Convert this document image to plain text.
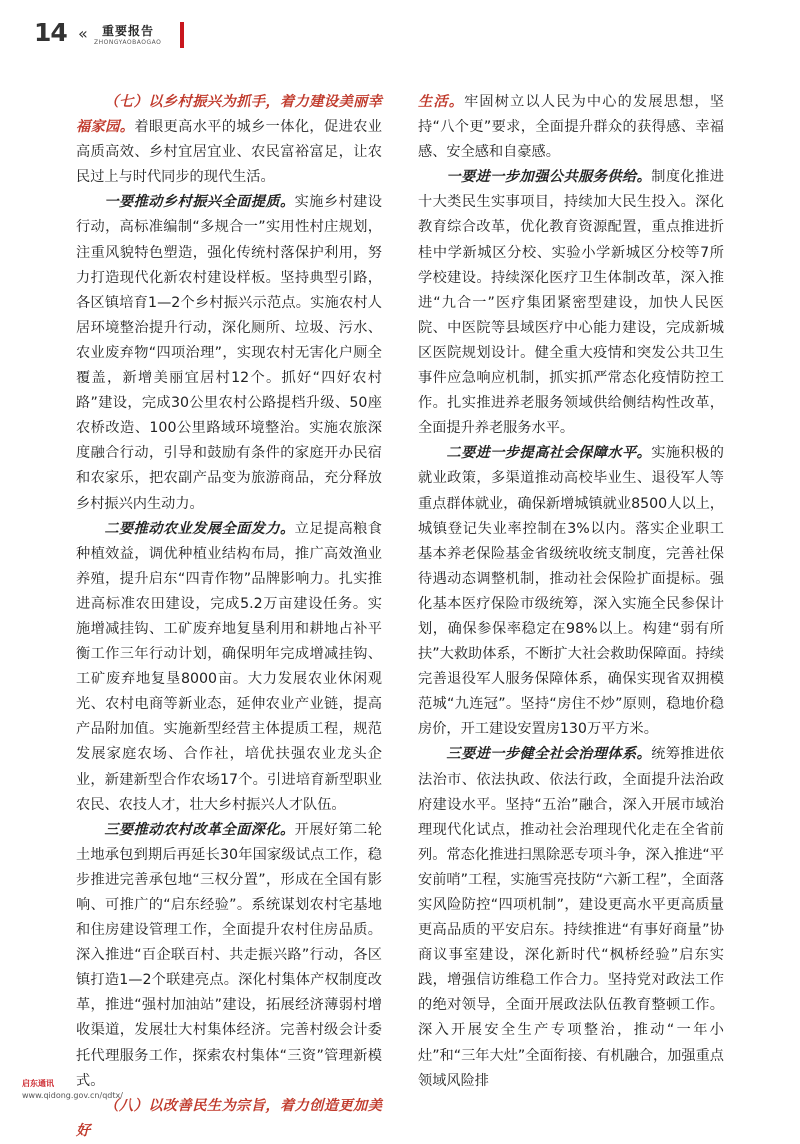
14 « 重要报告
ZHONGYAOBAOGAO

（七）以乡村振兴为抓手，着力建设美丽幸福家园。着眼更高水平的城乡一体化，促进农业高质高效、乡村宜居宜业、农民富裕富足，让农民过上与时代同步的现代生活。

一要推动乡村振兴全面提质。实施乡村建设行动，高标准编制“多规合一”实用性村庄规划，注重风貌特色塑造，强化传统村落保护利用，努力打造现代化新农村建设样板。坚持典型引路，各区镇培育1—2个乡村振兴示范点。实施农村人居环境整治提升行动，深化厕所、垃圾、污水、农业废弃物“四项治理”，实现农村无害化户厕全覆盖，新增美丽宜居村12个。抓好“四好农村路”建设，完成30公里农村公路提档升级、50座农桥改造、100公里路域环境整治。实施农旅深度融合行动，引导和鼓励有条件的家庭开办民宿和农家乐，把农副产品变为旅游商品，充分释放乡村振兴内生动力。

二要推动农业发展全面发力。立足提高粮食种植效益，调优种植业结构布局，推广高效渔业养殖，提升启东“四青作物”品牌影响力。扎实推进高标准农田建设，完成5.2万亩建设任务。实施增减挂钩、工矿废弃地复垦利用和耕地占补平衡工作三年行动计划，确保明年完成增减挂钩、工矿废弃地复垦8000亩。大力发展农业休闲观光、农村电商等新业态，延伸农业产业链，提高产品附加值。实施新型经营主体提质工程，规范发展家庭农场、合作社，培优扶强农业龙头企业，新建新型合作农场17个。引进培育新型职业农民、农技人才，壮大乡村振兴人才队伍。

三要推动农村改革全面深化。开展好第二轮土地承包到期后再延长30年国家级试点工作，稳步推进完善承包地“三权分置”，形成在全国有影响、可推广的“启东经验”。系统谋划农村宅基地和住房建设管理工作，全面提升农村住房品质。深入推进“百企联百村、共走振兴路”行动，各区镇打造1—2个联建亮点。深化村集体产权制度改革，推进“强村加油站”建设，拓展经济薄弱村增收渠道，发展壮大村集体经济。完善村级会计委托代理服务工作，探索农村集体“三资”管理新模式。

（八）以改善民生为宗旨，着力创造更加美好

生活。牢固树立以人民为中心的发展思想，坚持“八个更”要求，全面提升群众的获得感、幸福感、安全感和自豪感。

一要进一步加强公共服务供给。制度化推进十大类民生实事项目，持续加大民生投入。深化教育综合改革，优化教育资源配置，重点推进折桂中学新城区分校、实验小学新城区分校等7所学校建设。持续深化医疗卫生体制改革，深入推进“九合一”医疗集团紧密型建设，加快人民医院、中医院等县域医疗中心能力建设，完成新城区医院规划设计。健全重大疫情和突发公共卫生事件应急响应机制，抓实抓严常态化疫情防控工作。扎实推进养老服务领域供给侧结构性改革，全面提升养老服务水平。

二要进一步提高社会保障水平。实施积极的就业政策，多渠道推动高校毕业生、退役军人等重点群体就业，确保新增城镇就业8500人以上，城镇登记失业率控制在3%以内。落实企业职工基本养老保险基金省级统收统支制度，完善社保待遇动态调整机制，推动社会保险扩面提标。强化基本医疗保险市级统筹，深入实施全民参保计划，确保参保率稳定在98%以上。构建“弱有所扶”大救助体系，不断扩大社会救助保障面。持续完善退役军人服务保障体系，确保实现省双拥模范城“九连冠”。坚持“房住不炒”原则，稳地价稳房价，开工建设安置房130万平方米。

三要进一步健全社会治理体系。统筹推进依法治市、依法执政、依法行政，全面提升法治政府建设水平。坚持“五治”融合，深入开展市域治理现代化试点，推动社会治理现代化走在全省前列。常态化推进扫黑除恶专项斗争，深入推进“平安前哨”工程，实施雪亮技防“六新工程”，全面落实风险防控“四项机制”，建设更高水平更高质量更高品质的平安启东。持续推进“有事好商量”协商议事室建设，深化新时代“枫桥经验”启东实践，增强信访维稳工作合力。坚持党对政法工作的绝对领导，全面开展政法队伍教育整顿工作。深入开展安全生产专项整治，推动“一年小灶”和“三年大灶”全面衔接、有机融合，加强重点领域风险排

启东通讯
www.qidong.gov.cn/qdtx/
